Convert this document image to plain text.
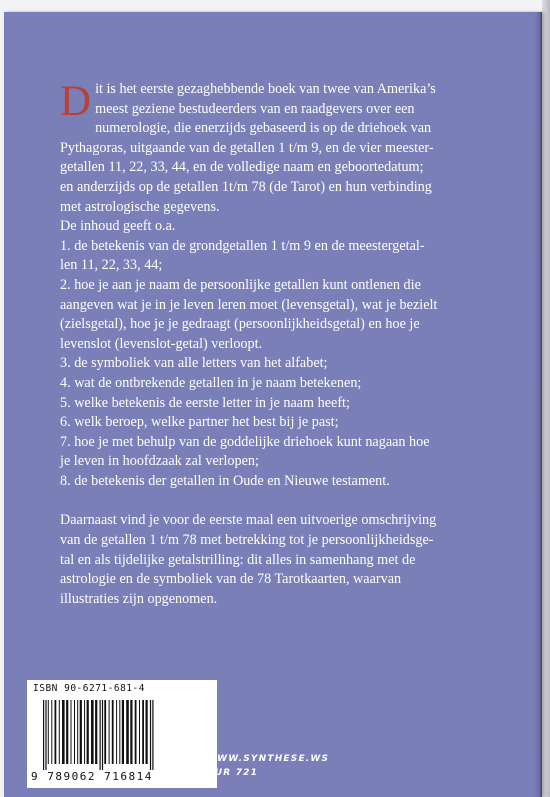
D it is het eerste gezaghebbende boek van twee van Amerika’s
meest geziene bestudeerders van en raadgevers over een
numerologie, die enerzijds gebaseerd is op de driehoek van
Pythagoras, uitgaande van de getallen 1 t/m 9, en de vier meester-
getallen 11, 22, 33, 44, en de volledige naam en geboortedatum;
en anderzijds op de getallen 1t/m 78 (de Tarot) en hun verbinding
met astrologische gegevens.
De inhoud geeft o.a.
1. de betekenis van de grondgetallen 1 t/m 9 en de meestergetal-
len 11, 22, 33, 44;
2. hoe je aan je naam de persoonlijke getallen kunt ontlenen die
aangeven wat je in je leven leren moet (levensgetal), wat je bezielt
(zielsgetal), hoe je je gedraagt (persoonlijkheidsgetal) en hoe je
levenslot (levenslot-getal) verloopt.
3. de symboliek van alle letters van het alfabet;
4. wat de ontbrekende getallen in je naam betekenen;
5. welke betekenis de eerste letter in je naam heeft;
6. welk beroep, welke partner het best bij je past;
7. hoe je met behulp van de goddelijke driehoek kunt nagaan hoe
je leven in hoofdzaak zal verlopen;
8. de betekenis der getallen in Oude en Nieuwe testament.
Daarnaast vind je voor de eerste maal een uitvoerige omschrijving
van de getallen 1 t/m 78 met betrekking tot je persoonlijkheidsge-
tal en als tijdelijke getalstrilling: dit alles in samenhang met de
astrologie en de symboliek van de 78 Tarotkaarten, waarvan
illustraties zijn opgenomen.
ISBN 90-6271-681-4
9 789062 716814
WWW.SYNTHESE.WS
NUR 721
